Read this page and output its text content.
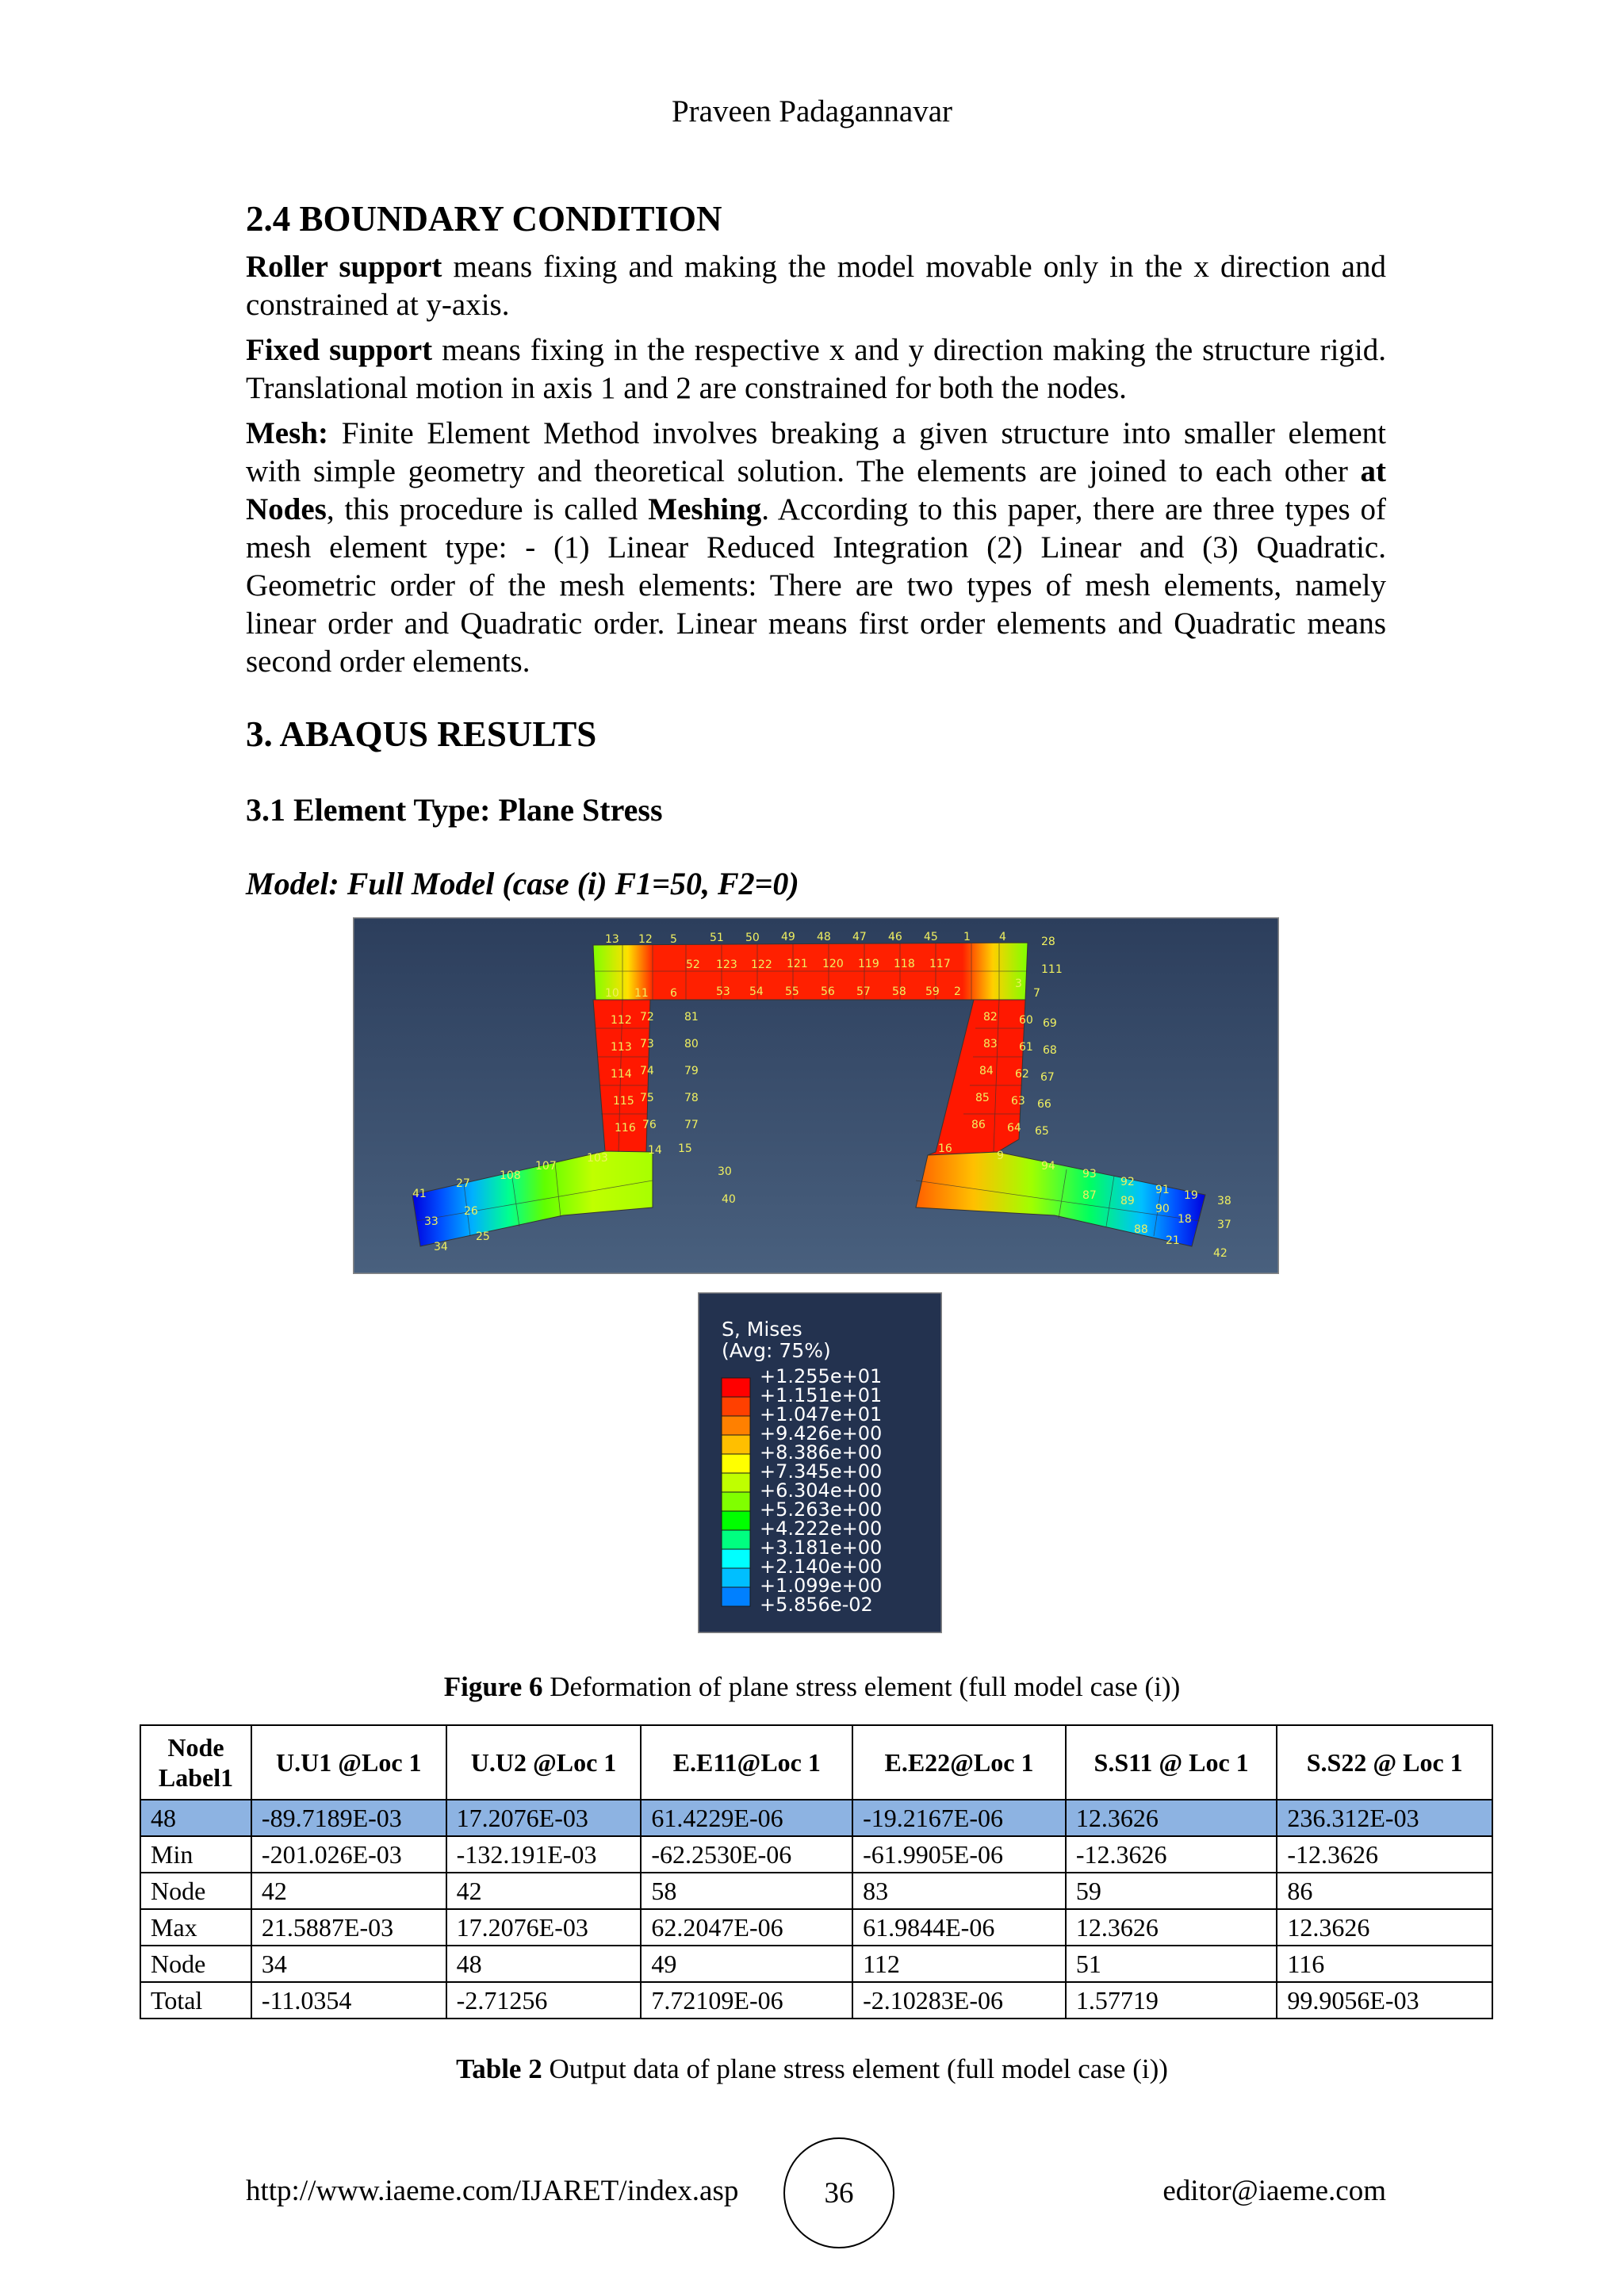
Praveen Padagannavar
2.4 BOUNDARY CONDITION
Roller support means fixing and making the model movable only in the x direction and constrained at y-axis.
Fixed support means fixing in the respective x and y direction making the structure rigid. Translational motion in axis 1 and 2 are constrained for both the nodes.
Mesh: Finite Element Method involves breaking a given structure into smaller element with simple geometry and theoretical solution. The elements are joined to each other at Nodes, this procedure is called Meshing. According to this paper, there are three types of mesh element type: - (1) Linear Reduced Integration (2) Linear and (3) Quadratic. Geometric order of the mesh elements: There are two types of mesh elements, namely linear order and Quadratic order. Linear means first order elements and Quadratic means second order elements.
3. ABAQUS RESULTS
3.1 Element Type: Plane Stress
Model: Full Model (case (i) F1=50, F2=0)
13 12 5	51 50 49 48 47 46 45 1	4	28
52 123 122 121 120 119 118 117	111
10 11 6	53 54 55 56 57 58 59 2	7
3
112 72	81
113 73	80
114 74	79
115 75	78
116 76	77
14 15
82 60 69
83 61 68
84 62 67
85 63 66
86 64 65
16
9
41
27
108
107
103
33
26
34
25
30
40
94
93
92
91 19 38
87 89
90
18 37
88
21
42
S, Mises
(Avg: 75%)
+1.255e+01
+1.151e+01
+1.047e+01
+9.426e+00
+8.386e+00
+7.345e+00
+6.304e+00
+5.263e+00
+4.222e+00
+3.181e+00
+2.140e+00
+1.099e+00
+5.856e-02
Figure 6 Deformation of plane stress element (full model case (i))
Node Label1	U.U1 @Loc 1	U.U2 @Loc 1	E.E11@Loc 1	E.E22@Loc 1	S.S11 @ Loc 1	S.S22 @ Loc 1
48	-89.7189E-03	17.2076E-03	61.4229E-06	-19.2167E-06	12.3626	236.312E-03
Min	-201.026E-03	-132.191E-03	-62.2530E-06	-61.9905E-06	-12.3626	-12.3626
Node	42	42	58	83	59	86
Max	21.5887E-03	17.2076E-03	62.2047E-06	61.9844E-06	12.3626	12.3626
Node	34	48	49	112	51	116
Total	-11.0354	-2.71256	7.72109E-06	-2.10283E-06	1.57719	99.9056E-03
Table 2 Output data of plane stress element (full model case (i))
http://www.iaeme.com/IJARET/index.asp	36	editor@iaeme.com
